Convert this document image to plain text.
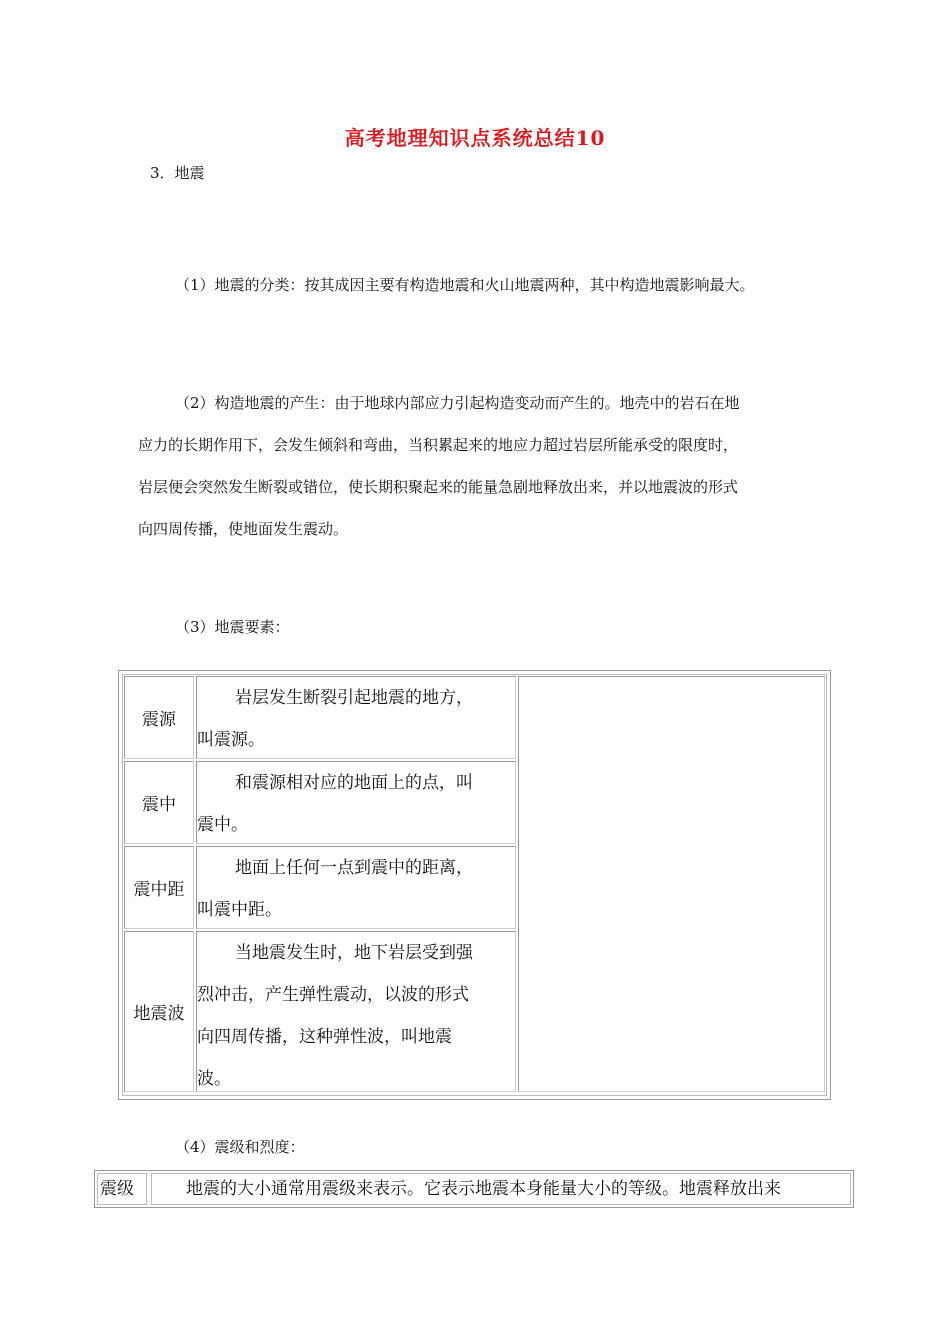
高考地理知识点系统总结10
3．地震
（1）地震的分类：按其成因主要有构造地震和火山地震两种，其中构造地震影响最大。
（2）构造地震的产生：由于地球内部应力引起构造变动而产生的。地壳中的岩石在地
应力的长期作用下，会发生倾斜和弯曲，当积累起来的地应力超过岩层所能承受的限度时，
岩层便会突然发生断裂或错位，使长期积聚起来的能量急剧地释放出来，并以地震波的形式
向四周传播，使地面发生震动。
（3）地震要素：
震源
岩层发生断裂引起地震的地方，
叫震源。
震中
和震源相对应的地面上的点，叫
震中。
震中距
地面上任何一点到震中的距离，
叫震中距。
地震波
当地震发生时，地下岩层受到强
烈冲击，产生弹性震动，以波的形式
向四周传播，这种弹性波，叫地震
波。
（4）震级和烈度：
震级	地震的大小通常用震级来表示。它表示地震本身能量大小的等级。地震释放出来
